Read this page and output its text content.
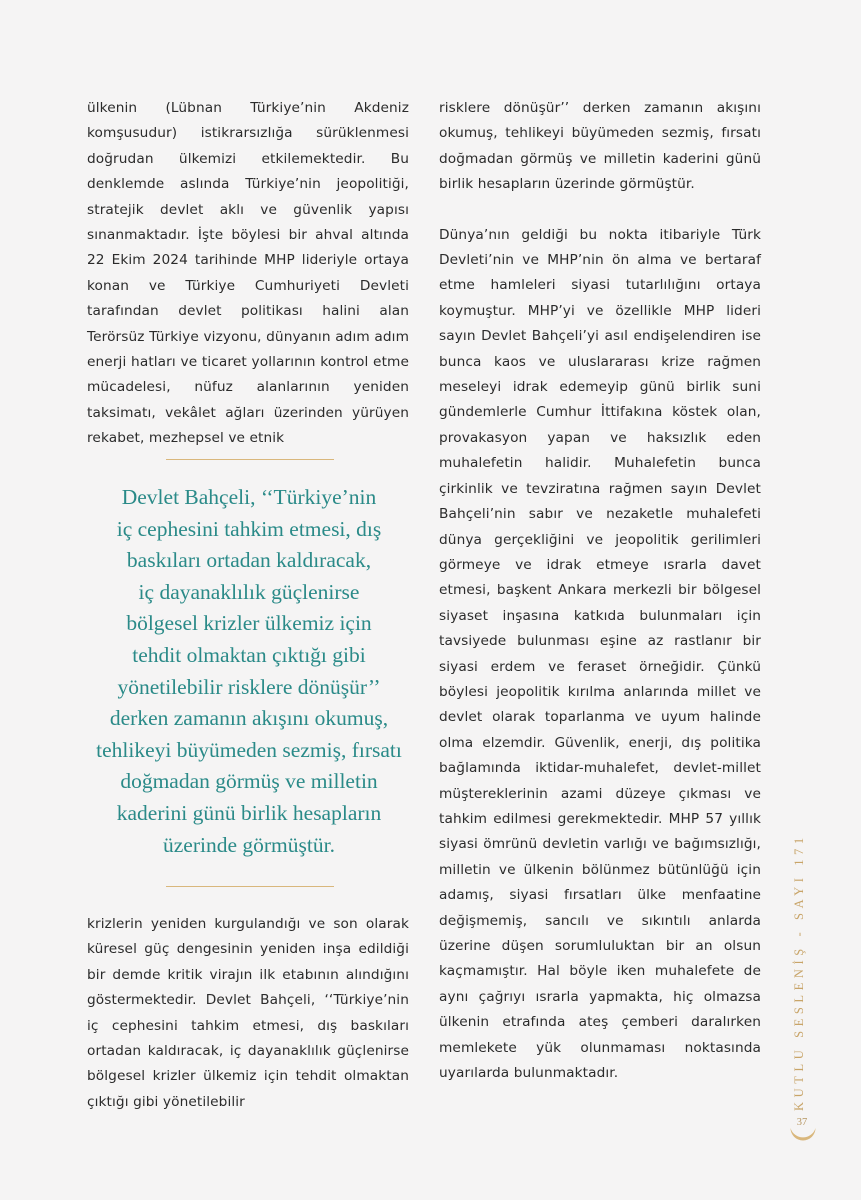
ülkenin (Lübnan Türkiye’nin Akdeniz komşusudur) istikrarsızlığa sürüklenmesi doğrudan ülkemizi etkilemektedir. Bu denklemde aslında Türkiye’nin jeopolitiği, stratejik devlet aklı ve güvenlik yapısı sınanmaktadır. İşte böylesi bir ahval altında 22 Ekim 2024 tarihinde MHP lideriyle ortaya konan ve Türkiye Cumhuriyeti Devleti tarafından devlet politikası halini alan Terörsüz Türkiye vizyonu, dünyanın adım adım enerji hatları ve ticaret yollarının kontrol etme mücadelesi, nüfuz alanlarının yeniden taksimatı, vekâlet ağları üzerinden yürüyen rekabet, mezhepsel ve etnik

Devlet Bahçeli, ‘‘Türkiye’nin

iç cephesini tahkim etmesi, dış

baskıları ortadan kaldıracak,

iç dayanaklılık güçlenirse

bölgesel krizler ülkemiz için

tehdit olmaktan çıktığı gibi

yönetilebilir risklere dönüşür’’

derken zamanın akışını okumuş,

tehlikeyi büyümeden sezmiş, fırsatı

doğmadan görmüş ve milletin

kaderini günü birlik hesapların

üzerinde görmüştür.

krizlerin yeniden kurgulandığı ve son olarak küresel güç dengesinin yeniden inşa edildiği bir demde kritik virajın ilk etabının alındığını göstermektedir. Devlet Bahçeli, ‘‘Türkiye’nin iç cephesini tahkim etmesi, dış baskıları ortadan kaldıracak, iç dayanaklılık güçlenirse bölgesel krizler ülkemiz için tehdit olmaktan çıktığı gibi yönetilebilir

risklere dönüşür’’ derken zamanın akışını okumuş, tehlikeyi büyümeden sezmiş, fırsatı doğmadan görmüş ve milletin kaderini günü birlik hesapların üzerinde görmüştür.

Dünya’nın geldiği bu nokta itibariyle Türk Devleti’nin ve MHP’nin ön alma ve bertaraf etme hamleleri siyasi tutarlılığını ortaya koymuştur. MHP’yi ve özellikle MHP lideri sayın Devlet Bahçeli’yi asıl endişelendiren ise bunca kaos ve uluslararası krize rağmen meseleyi idrak edemeyip günü birlik suni gündemlerle Cumhur İttifakına köstek olan, provakasyon yapan ve haksızlık eden muhalefetin halidir. Muhalefetin bunca çirkinlik ve tevziratına rağmen sayın Devlet Bahçeli’nin sabır ve nezaketle muhalefeti dünya gerçekliğini ve jeopolitik gerilimleri görmeye ve idrak etmeye ısrarla davet etmesi, başkent Ankara merkezli bir bölgesel siyaset inşasına katkıda bulunmaları için tavsiyede bulunması eşine az rastlanır bir siyasi erdem ve feraset örneğidir. Çünkü böylesi jeopolitik kırılma anlarında millet ve devlet olarak toparlanma ve uyum halinde olma elzemdir. Güvenlik, enerji, dış politika bağlamında iktidar-muhalefet, devlet-millet müştereklerinin azami düzeye çıkması ve tahkim edilmesi gerekmektedir. MHP 57 yıllık siyasi ömrünü devletin varlığı ve bağımsızlığı, milletin ve ülkenin bölünmez bütünlüğü için adamış, siyasi fırsatları ülke menfaatine değişmemiş, sancılı ve sıkıntılı anlarda üzerine düşen sorumluluktan bir an olsun kaçmamıştır. Hal böyle iken muhalefete de aynı çağrıyı ısrarla yapmakta, hiç olmazsa ülkenin etrafında ateş çemberi daralırken memlekete yük olunmaması noktasında uyarılarda bulunmaktadır.	KUTLU SESLENİŞ - SAYI 171
37
